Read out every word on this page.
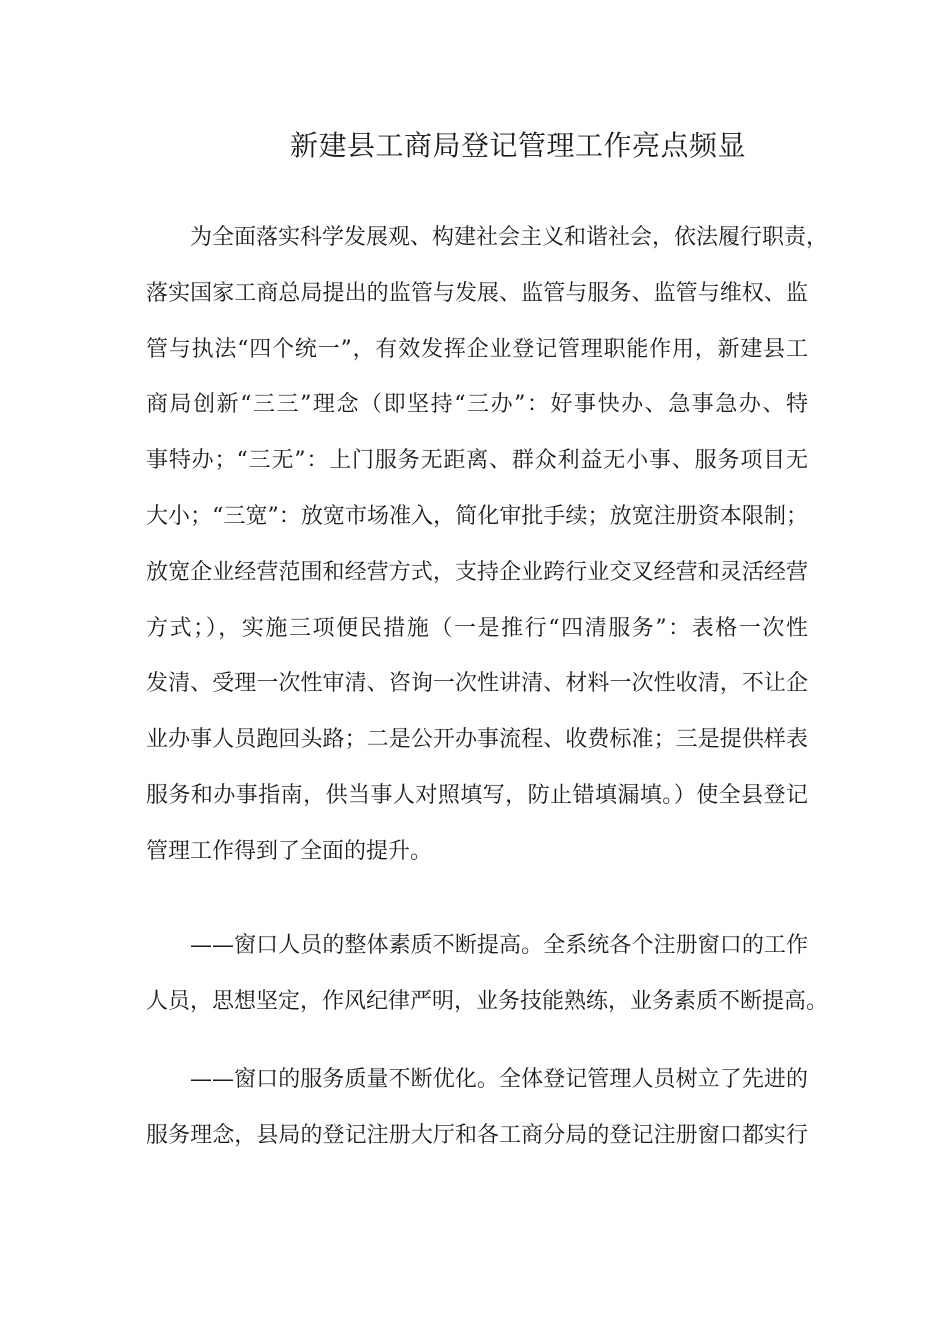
新建县工商局登记管理工作亮点频显
为全面落实科学发展观、构建社会主义和谐社会，依法履行职责，
落实国家工商总局提出的监管与发展、监管与服务、监管与维权、监
管与执法“四个统一”，有效发挥企业登记管理职能作用，新建县工
商局创新“三三”理念（即坚持“三办”：好事快办、急事急办、特
事特办；“三无”：上门服务无距离、群众利益无小事、服务项目无
大小；“三宽”：放宽市场准入，简化审批手续；放宽注册资本限制；
放宽企业经营范围和经营方式，支持企业跨行业交叉经营和灵活经营
方式；），实施三项便民措施（一是推行“四清服务”：表格一次性
发清、受理一次性审清、咨询一次性讲清、材料一次性收清，不让企
业办事人员跑回头路；二是公开办事流程、收费标准；三是提供样表
服务和办事指南，供当事人对照填写，防止错填漏填。）使全县登记
管理工作得到了全面的提升。
——窗口人员的整体素质不断提高。全系统各个注册窗口的工作
人员，思想坚定，作风纪律严明，业务技能熟练，业务素质不断提高。
——窗口的服务质量不断优化。全体登记管理人员树立了先进的
服务理念，县局的登记注册大厅和各工商分局的登记注册窗口都实行
